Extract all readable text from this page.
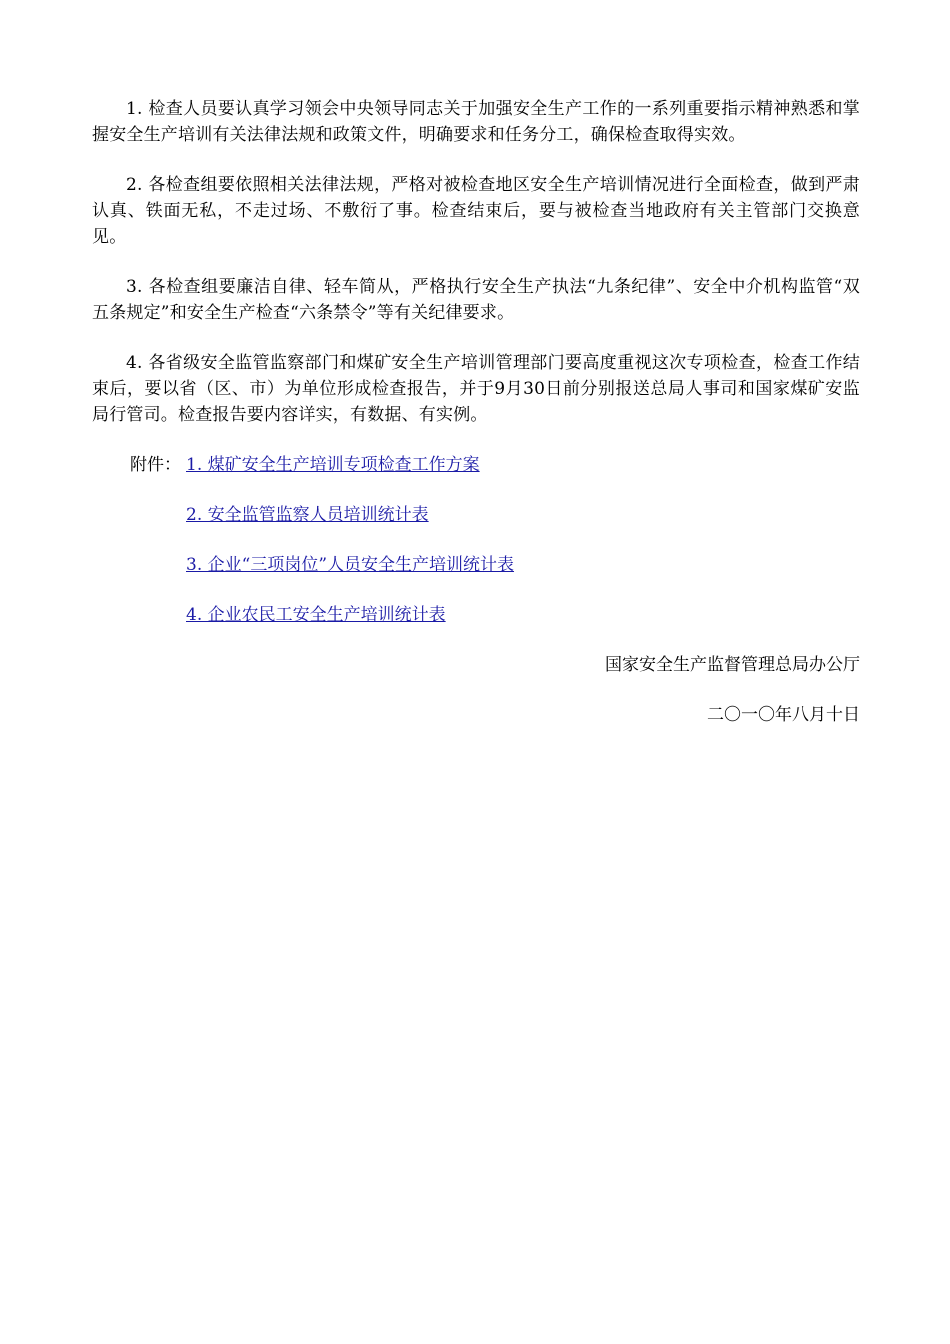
1. 检查人员要认真学习领会中央领导同志关于加强安全生产工作的一系列重要指示精神熟悉和掌握安全生产培训有关法律法规和政策文件，明确要求和任务分工，确保检查取得实效。

2. 各检查组要依照相关法律法规，严格对被检查地区安全生产培训情况进行全面检查，做到严肃认真、铁面无私，不走过场、不敷衍了事。检查结束后，要与被检查当地政府有关主管部门交换意见。

3. 各检查组要廉洁自律、轻车简从，严格执行安全生产执法“九条纪律”、安全中介机构监管“双五条规定”和安全生产检查“六条禁令”等有关纪律要求。

4. 各省级安全监管监察部门和煤矿安全生产培训管理部门要高度重视这次专项检查，检查工作结束后，要以省（区、市）为单位形成检查报告，并于9月30日前分别报送总局人事司和国家煤矿安监局行管司。检查报告要内容详实，有数据、有实例。

附件： 1. 煤矿安全生产培训专项检查工作方案
2. 安全监管监察人员培训统计表
3. 企业“三项岗位”人员安全生产培训统计表
4. 企业农民工安全生产培训统计表

国家安全生产监督管理总局办公厅

二〇一〇年八月十日
